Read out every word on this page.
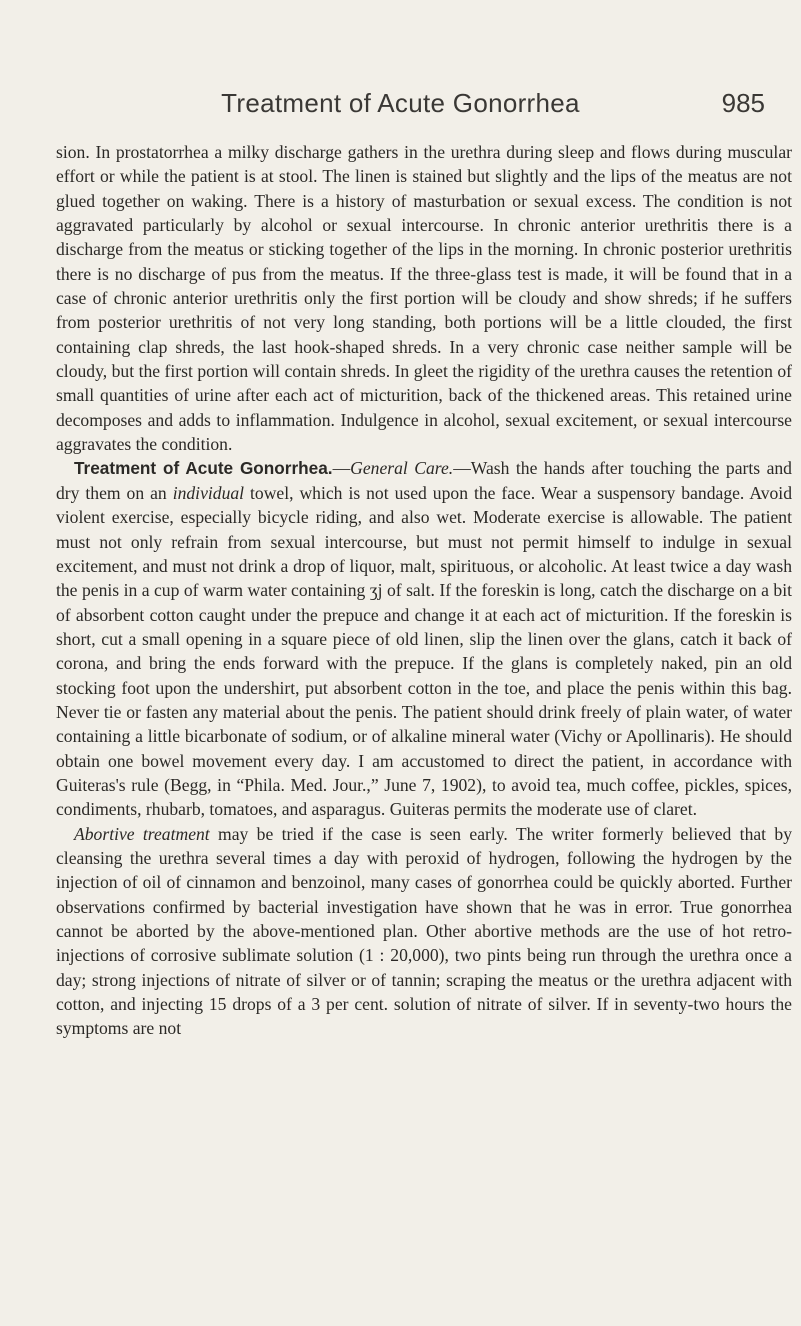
Treatment of Acute Gonorrhea	985

sion. In prostatorrhea a milky discharge gathers in the urethra during sleep and flows during muscular effort or while the patient is at stool. The linen is stained but slightly and the lips of the meatus are not glued together on waking. There is a history of masturbation or sexual excess. The condition is not aggravated particularly by alcohol or sexual intercourse. In chronic anterior urethritis there is a discharge from the meatus or sticking together of the lips in the morning. In chronic posterior urethritis there is no discharge of pus from the meatus. If the three-glass test is made, it will be found that in a case of chronic anterior urethritis only the first portion will be cloudy and show shreds; if he suffers from posterior urethritis of not very long standing, both portions will be a little clouded, the first containing clap shreds, the last hook-shaped shreds. In a very chronic case neither sample will be cloudy, but the first portion will contain shreds. In gleet the rigidity of the urethra causes the retention of small quantities of urine after each act of micturition, back of the thickened areas. This retained urine decomposes and adds to inflammation. Indulgence in alcohol, sexual excitement, or sexual intercourse aggravates the condition.

Treatment of Acute Gonorrhea.—General Care.—Wash the hands after touching the parts and dry them on an individual towel, which is not used upon the face. Wear a suspensory bandage. Avoid violent exercise, especially bicycle riding, and also wet. Moderate exercise is allowable. The patient must not only refrain from sexual intercourse, but must not permit himself to indulge in sexual excitement, and must not drink a drop of liquor, malt, spirituous, or alcoholic. At least twice a day wash the penis in a cup of warm water containing ʒj of salt. If the foreskin is long, catch the discharge on a bit of absorbent cotton caught under the prepuce and change it at each act of micturition. If the foreskin is short, cut a small opening in a square piece of old linen, slip the linen over the glans, catch it back of corona, and bring the ends forward with the prepuce. If the glans is completely naked, pin an old stocking foot upon the undershirt, put absorbent cotton in the toe, and place the penis within this bag. Never tie or fasten any material about the penis. The patient should drink freely of plain water, of water containing a little bicarbonate of sodium, or of alkaline mineral water (Vichy or Apollinaris). He should obtain one bowel movement every day. I am accustomed to direct the patient, in accordance with Guiteras's rule (Begg, in “Phila. Med. Jour.,” June 7, 1902), to avoid tea, much coffee, pickles, spices, condiments, rhubarb, tomatoes, and asparagus. Guiteras permits the moderate use of claret.

Abortive treatment may be tried if the case is seen early. The writer formerly believed that by cleansing the urethra several times a day with peroxid of hydrogen, following the hydrogen by the injection of oil of cinnamon and benzoinol, many cases of gonorrhea could be quickly aborted. Further observations confirmed by bacterial investigation have shown that he was in error. True gonorrhea cannot be aborted by the above-mentioned plan. Other abortive methods are the use of hot retro-injections of corrosive sublimate solution (1 : 20,000), two pints being run through the urethra once a day; strong injections of nitrate of silver or of tannin; scraping the meatus or the urethra adjacent with cotton, and injecting 15 drops of a 3 per cent. solution of nitrate of silver. If in seventy-two hours the symptoms are not
